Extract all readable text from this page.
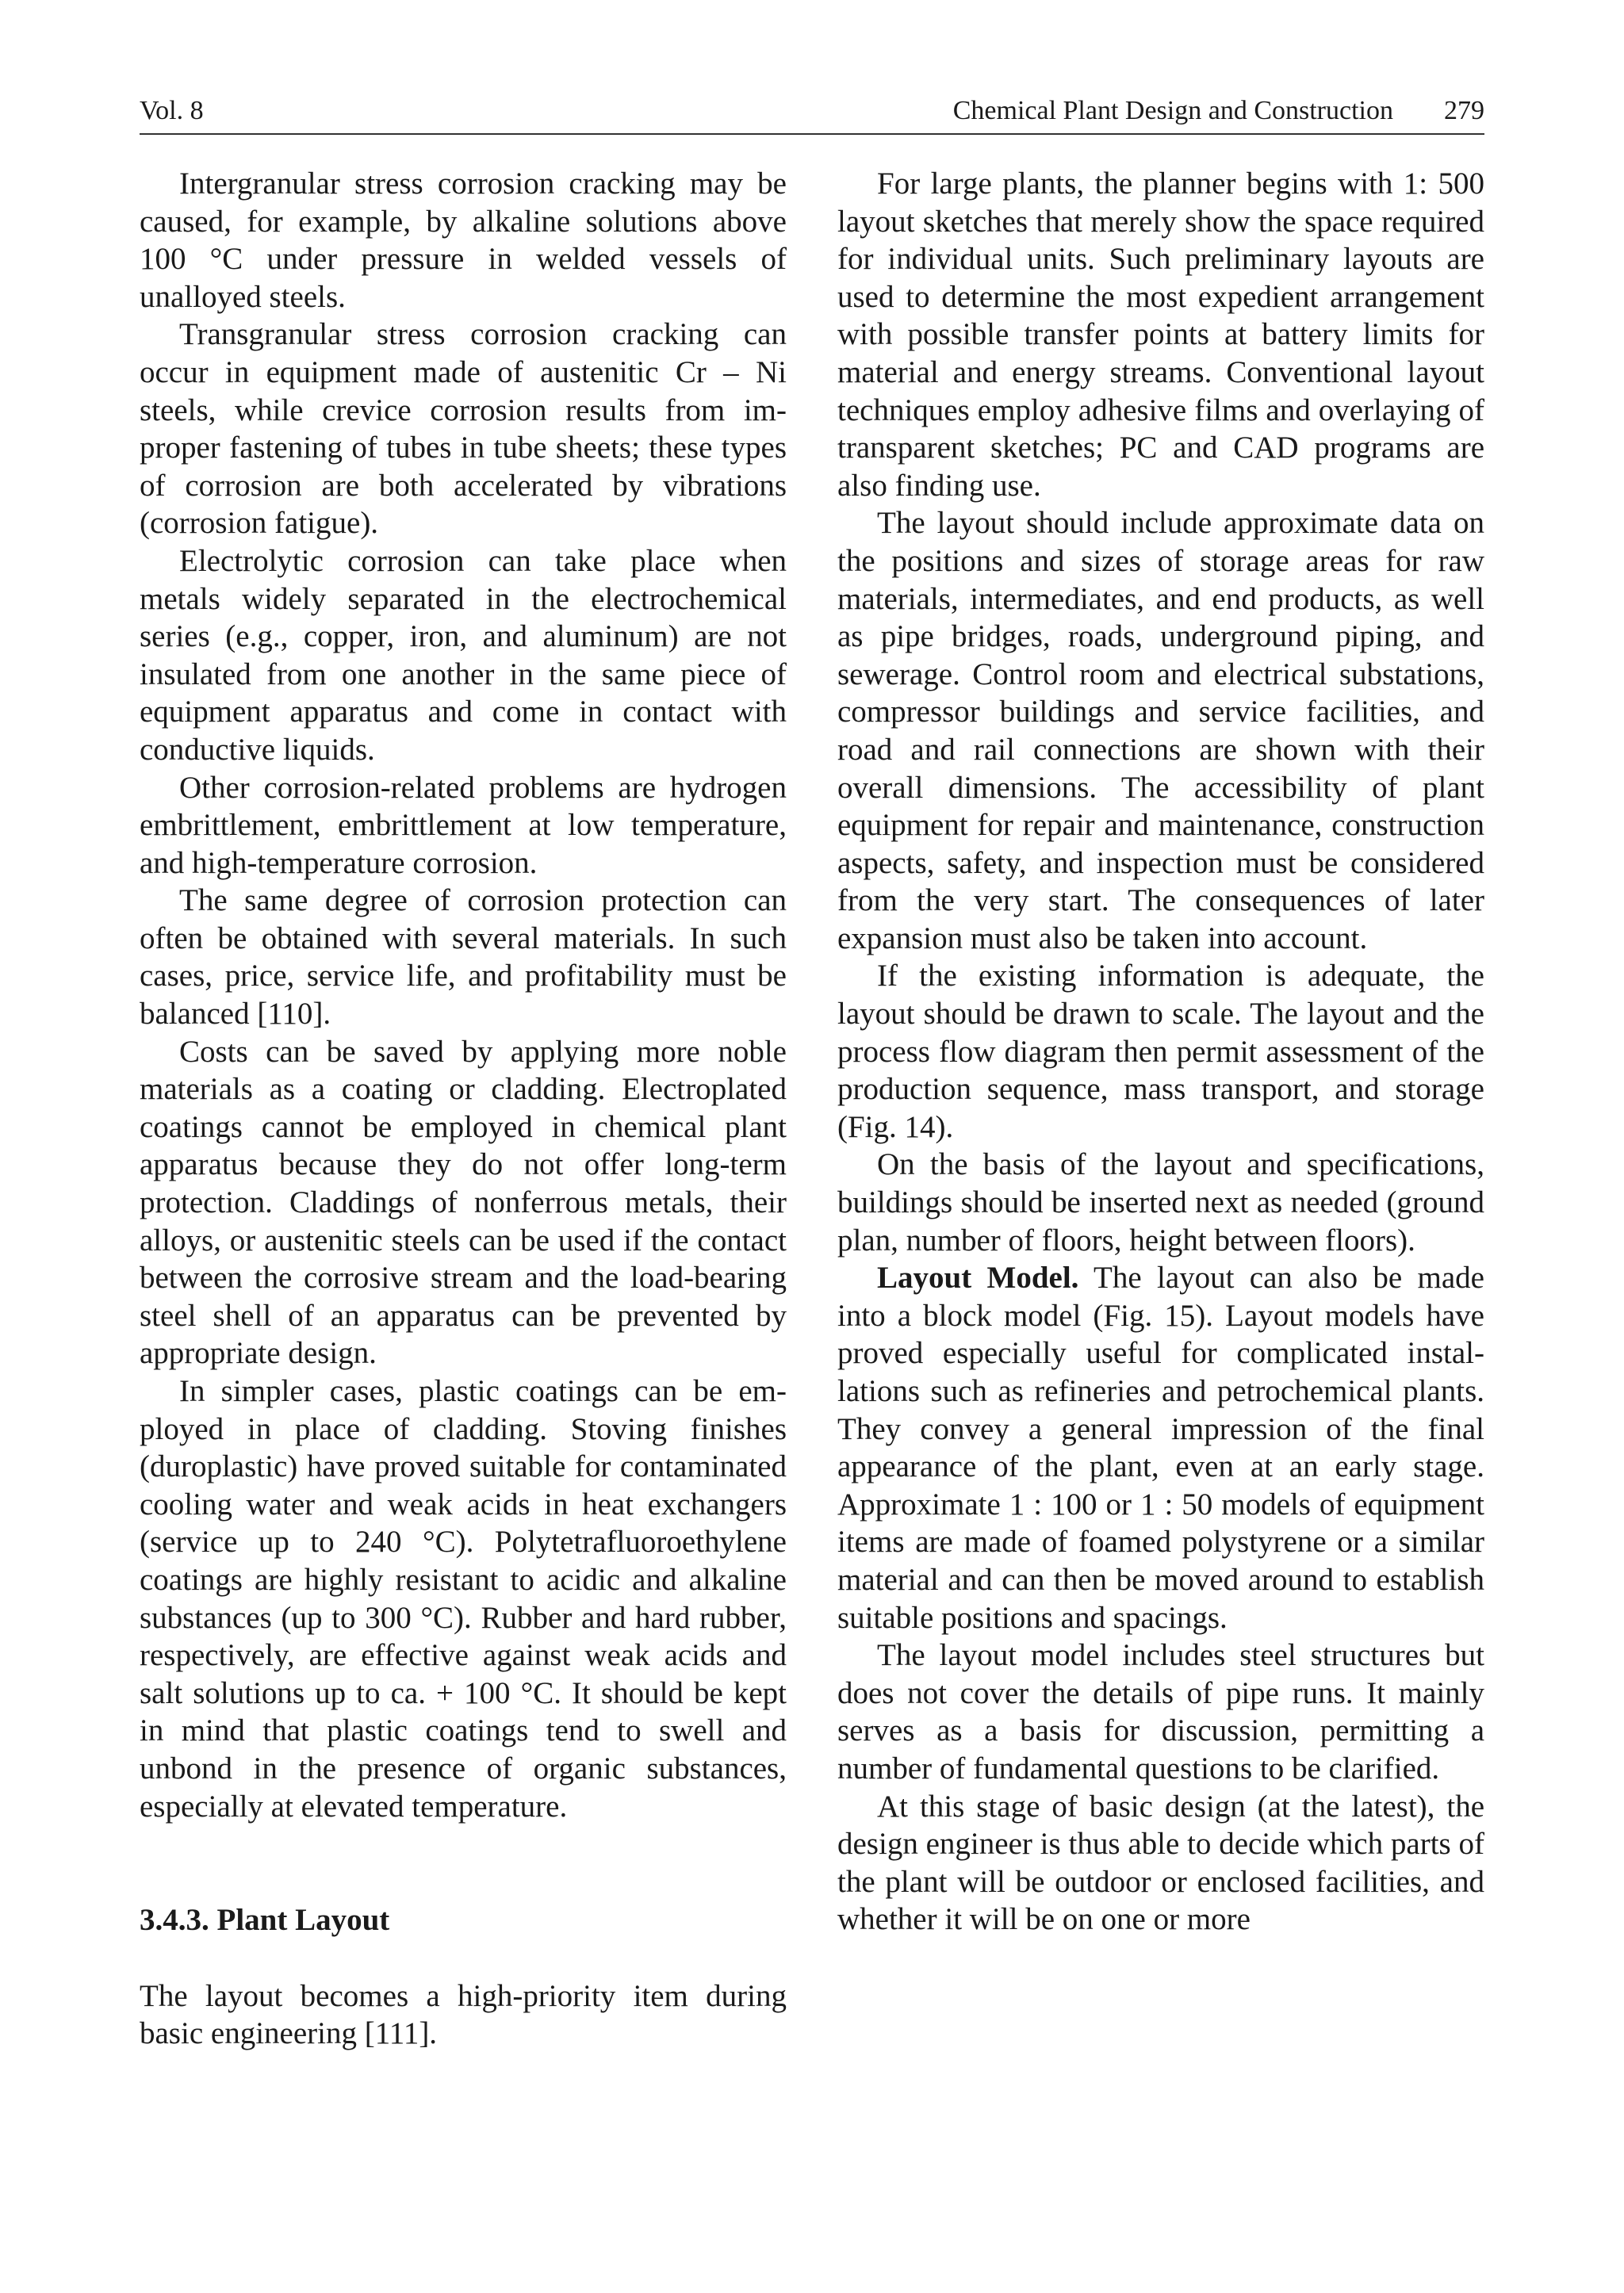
Vol. 8	Chemical Plant Design and Construction 279

Intergranular stress corrosion cracking may be caused, for example, by alkaline solutions above 100 °C under pressure in welded vessels of unalloyed steels.

Transgranular stress corrosion cracking can occur in equipment made of austenitic Cr – Ni steels, while crevice corrosion results from improper fastening of tubes in tube sheets; these types of corrosion are both accelerated by vibrations (corrosion fatigue).

Electrolytic corrosion can take place when metals widely separated in the electrochemical series (e.g., copper, iron, and aluminum) are not insulated from one another in the same piece of equipment apparatus and come in contact with conductive liquids.

Other corrosion-related problems are hydrogen embrittlement, embrittlement at low temperature, and high-temperature corrosion.

The same degree of corrosion protection can often be obtained with several materials. In such cases, price, service life, and profitability must be balanced [110].

Costs can be saved by applying more noble materials as a coating or cladding. Electroplated coatings cannot be employed in chemical plant apparatus because they do not offer long-term protection. Claddings of nonferrous metals, their alloys, or austenitic steels can be used if the contact between the corrosive stream and the load-bearing steel shell of an apparatus can be prevented by appropriate design.

In simpler cases, plastic coatings can be employed in place of cladding. Stoving finishes (duroplastic) have proved suitable for contaminated cooling water and weak acids in heat exchangers (service up to 240 °C). Polytetrafluoroethylene coatings are highly resistant to acidic and alkaline substances (up to 300 °C). Rubber and hard rubber, respectively, are effective against weak acids and salt solutions up to ca. + 100 °C. It should be kept in mind that plastic coatings tend to swell and unbond in the presence of organic substances, especially at elevated temperature.

3.4.3. Plant Layout

The layout becomes a high-priority item during basic engineering [111].

For large plants, the planner begins with 1: 500 layout sketches that merely show the space required for individual units. Such preliminary layouts are used to determine the most expedient arrangement with possible transfer points at battery limits for material and energy streams. Conventional layout techniques employ adhesive films and overlaying of transparent sketches; PC and CAD programs are also finding use.

The layout should include approximate data on the positions and sizes of storage areas for raw materials, intermediates, and end products, as well as pipe bridges, roads, underground piping, and sewerage. Control room and electrical substations, compressor buildings and service facilities, and road and rail connections are shown with their overall dimensions. The accessibility of plant equipment for repair and maintenance, construction aspects, safety, and inspection must be considered from the very start. The consequences of later expansion must also be taken into account.

If the existing information is adequate, the layout should be drawn to scale. The layout and the process flow diagram then permit assessment of the production sequence, mass transport, and storage (Fig. 14).

On the basis of the layout and specifications, buildings should be inserted next as needed (ground plan, number of floors, height between floors).

Layout Model. The layout can also be made into a block model (Fig. 15). Layout models have proved especially useful for complicated installations such as refineries and petrochemical plants. They convey a general impression of the final appearance of the plant, even at an early stage. Approximate 1 : 100 or 1 : 50 models of equipment items are made of foamed polystyrene or a similar material and can then be moved around to establish suitable positions and spacings.

The layout model includes steel structures but does not cover the details of pipe runs. It mainly serves as a basis for discussion, permitting a number of fundamental questions to be clarified.

At this stage of basic design (at the latest), the design engineer is thus able to decide which parts of the plant will be outdoor or enclosed facilities, and whether it will be on one or more
